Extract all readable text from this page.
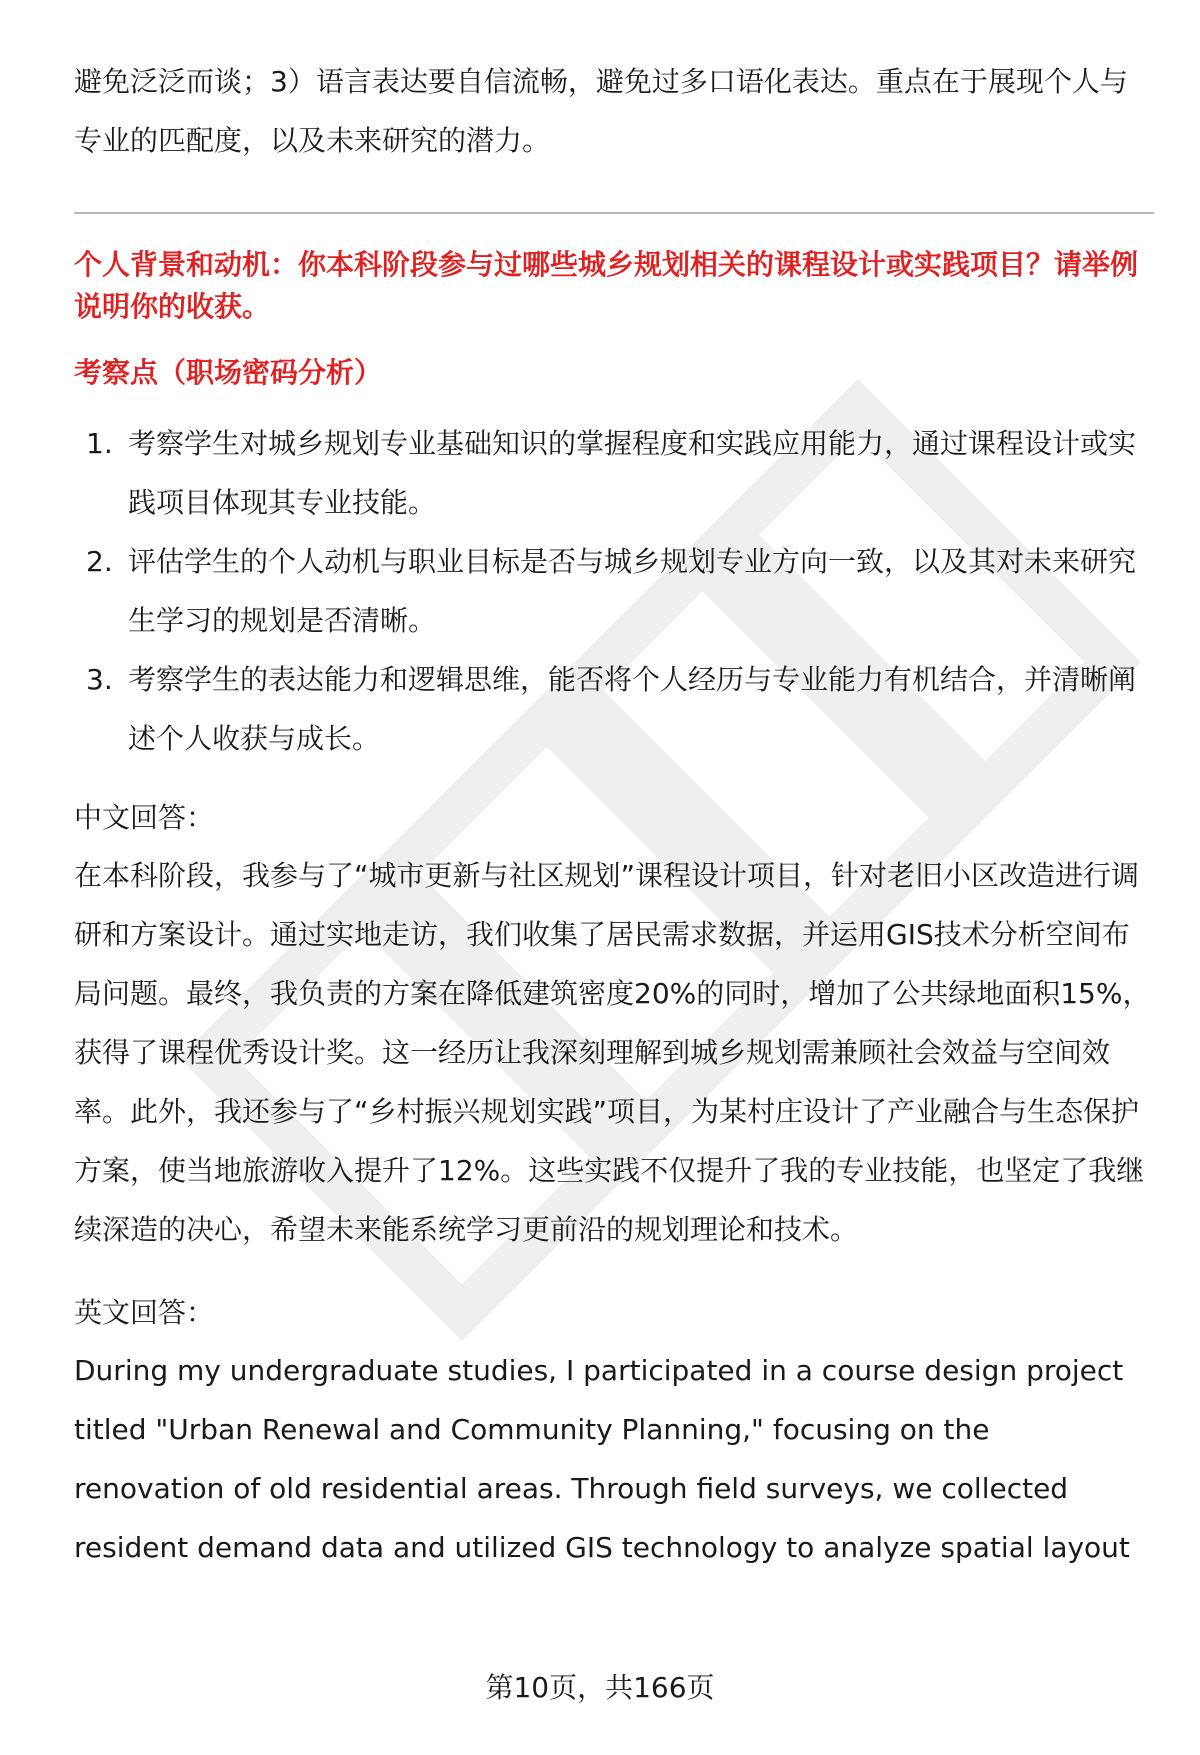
避免泛泛而谈；3）语言表达要自信流畅，避免过多口语化表达。重点在于展现个人与专业的匹配度，以及未来研究的潜力。

个人背景和动机：你本科阶段参与过哪些城乡规划相关的课程设计或实践项目？请举例说明你的收获。

考察点（职场密码分析）

1. 考察学生对城乡规划专业基础知识的掌握程度和实践应用能力，通过课程设计或实践项目体现其专业技能。
2. 评估学生的个人动机与职业目标是否与城乡规划专业方向一致，以及其对未来研究生学习的规划是否清晰。
3. 考察学生的表达能力和逻辑思维，能否将个人经历与专业能力有机结合，并清晰阐述个人收获与成长。

中文回答：

在本科阶段，我参与了“城市更新与社区规划”课程设计项目，针对老旧小区改造进行调研和方案设计。通过实地走访，我们收集了居民需求数据，并运用GIS技术分析空间布局问题。最终，我负责的方案在降低建筑密度20%的同时，增加了公共绿地面积15%，获得了课程优秀设计奖。这一经历让我深刻理解到城乡规划需兼顾社会效益与空间效率。此外，我还参与了“乡村振兴规划实践”项目，为某村庄设计了产业融合与生态保护方案，使当地旅游收入提升了12%。这些实践不仅提升了我的专业技能，也坚定了我继续深造的决心，希望未来能系统学习更前沿的规划理论和技术。

英文回答：

During my undergraduate studies, I participated in a course design project

titled "Urban Renewal and Community Planning," focusing on the

renovation of old residential areas. Through field surveys, we collected

resident demand data and utilized GIS technology to analyze spatial layout

第10页，共166页
